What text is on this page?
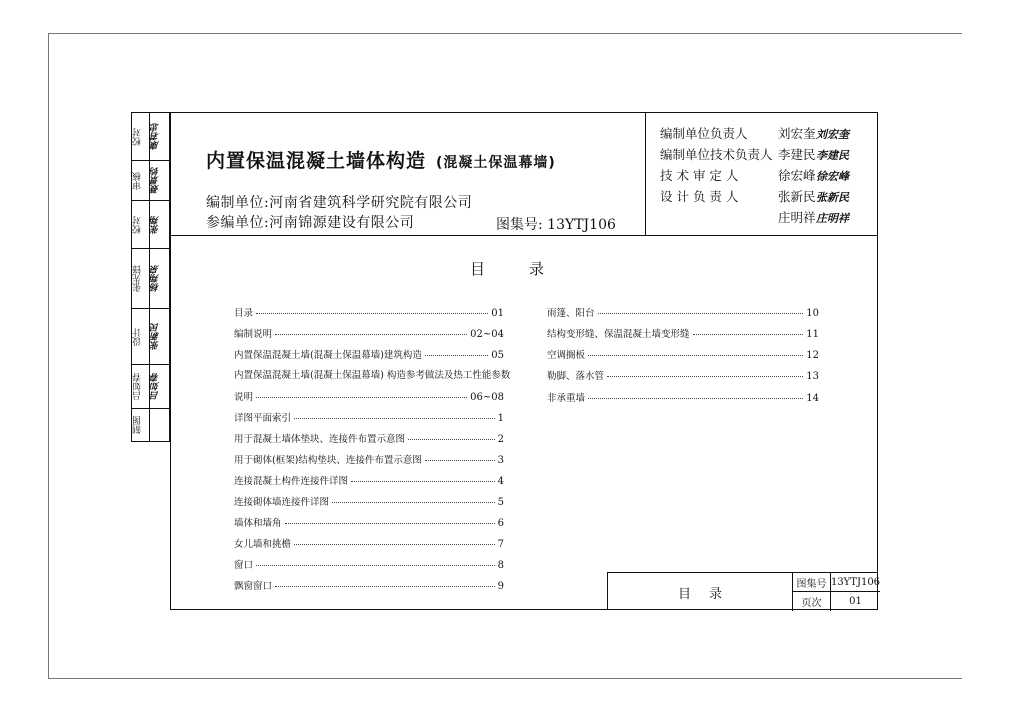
校对 康君忠
审核 聂景钧
校对 张翔
张先锋 杨翔泉
设计 张新民
吕如春 吕如春
制图
内置保温混凝土墙体构造 (混凝土保温幕墙)
编制单位:河南省建筑科学研究院有限公司
参编单位:河南锦源建设有限公司	图集号: 13YTJ106
编制单位负责人 刘宏奎刘宏奎
编制单位技术负责人 李建民李建民
技 术 审 定 人	徐宏峰徐宏峰
设 计 负 责 人	张新民张新民
庄明祥庄明祥
目	录
目录	01
编制说明	02~04
内置保温混凝土墙(混凝土保温幕墙)建筑构造	05
内置保温混凝土墙(混凝土保温幕墙) 构造参考做法及热工性能参数
说明	06~08
详图平面索引	1
用于混凝土墙体垫块、连接件布置示意图	2
用于砌体(框架)结构垫块、连接件布置示意图	3
连接混凝土构件连接件详图	4
连接砌体墙连接件详图	5
墙体和墙角	6
女儿墙和挑檐	7
窗口	8
飘窗窗口	9
雨篷、阳台	10
结构变形缝、保温混凝土墙变形缝	11
空调搁板	12
勒脚、落水管	13
非承重墙	14
目录
图集号 13YTJ106
页次	01
